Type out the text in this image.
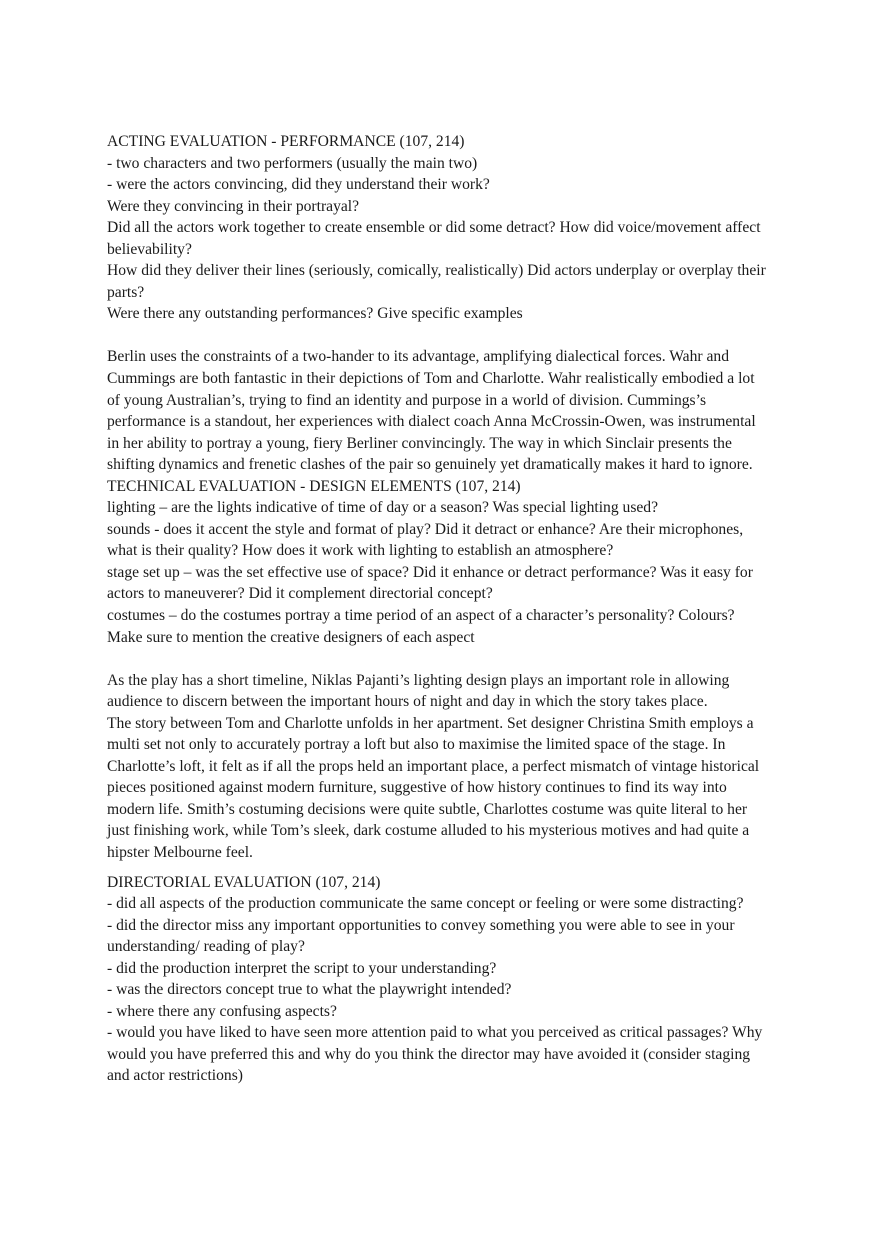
ACTING EVALUATION - PERFORMANCE (107, 214)

- two characters and two performers (usually the main two)

- were the actors convincing, did they understand their work?

Were they convincing in their portrayal?

Did all the actors work together to create ensemble or did some detract? How did voice/movement affect believability?

How did they deliver their lines (seriously, comically, realistically) Did actors underplay or overplay their parts?

Were there any outstanding performances? Give specific examples

Berlin uses the constraints of a two-hander to its advantage, amplifying dialectical forces. Wahr and Cummings are both fantastic in their depictions of Tom and Charlotte. Wahr realistically embodied a lot of young Australian’s, trying to find an identity and purpose in a world of division. Cummings’s performance is a standout, her experiences with dialect coach Anna McCrossin-Owen, was instrumental in her ability to portray a young, fiery Berliner convincingly. The way in which Sinclair presents the shifting dynamics and frenetic clashes of the pair so genuinely yet dramatically makes it hard to ignore.

TECHNICAL EVALUATION - DESIGN ELEMENTS (107, 214)

lighting – are the lights indicative of time of day or a season? Was special lighting used?

sounds - does it accent the style and format of play? Did it detract or enhance? Are their microphones, what is their quality? How does it work with lighting to establish an atmosphere?

stage set up – was the set effective use of space? Did it enhance or detract performance? Was it easy for actors to maneuverer? Did it complement directorial concept?

costumes – do the costumes portray a time period of an aspect of a character’s personality? Colours? Make sure to mention the creative designers of each aspect

As the play has a short timeline, Niklas Pajanti’s lighting design plays an important role in allowing audience to discern between the important hours of night and day in which the story takes place.

The story between Tom and Charlotte unfolds in her apartment. Set designer Christina Smith employs a multi set not only to accurately portray a loft but also to maximise the limited space of the stage. In Charlotte’s loft, it felt as if all the props held an important place, a perfect mismatch of vintage historical pieces positioned against modern furniture, suggestive of how history continues to find its way into modern life. Smith’s costuming decisions were quite subtle, Charlottes costume was quite literal to her just finishing work, while Tom’s sleek, dark costume alluded to his mysterious motives and had quite a hipster Melbourne feel.

DIRECTORIAL EVALUATION (107, 214)

- did all aspects of the production communicate the same concept or feeling or were some distracting?

- did the director miss any important opportunities to convey something you were able to see in your understanding/ reading of play?

- did the production interpret the script to your understanding?

- was the directors concept true to what the playwright intended?

- where there any confusing aspects?

- would you have liked to have seen more attention paid to what you perceived as critical passages? Why would you have preferred this and why do you think the director may have avoided it (consider staging and actor restrictions)
